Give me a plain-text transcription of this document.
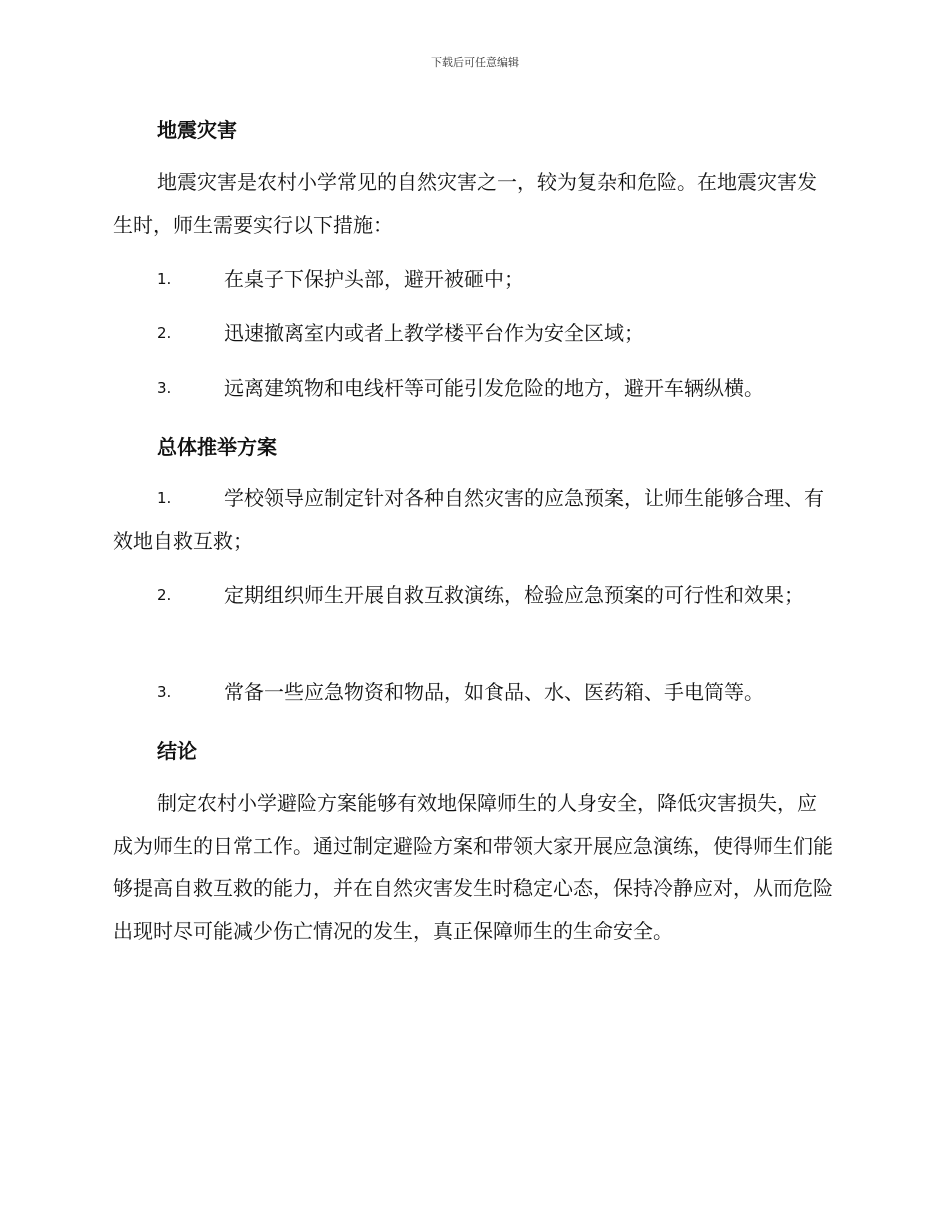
下载后可任意编辑
地震灾害

地震灾害是农村小学常见的自然灾害之一，较为复杂和危险。在地震灾害发生时，师生需要实行以下措施：

1.	在桌子下保护头部，避开被砸中；
2.	迅速撤离室内或者上教学楼平台作为安全区域；
3.	远离建筑物和电线杆等可能引发危险的地方，避开车辆纵横。
总体推举方案
1.	学校领导应制定针对各种自然灾害的应急预案，让师生能够合理、有效地自救互救；
2.	定期组织师生开展自救互救演练，检验应急预案的可行性和效果；
3.	常备一些应急物资和物品，如食品、水、医药箱、手电筒等。
结论

制定农村小学避险方案能够有效地保障师生的人身安全，降低灾害损失，应成为师生的日常工作。通过制定避险方案和带领大家开展应急演练，使得师生们能够提高自救互救的能力，并在自然灾害发生时稳定心态，保持冷静应对，从而危险出现时尽可能减少伤亡情况的发生，真正保障师生的生命安全。
